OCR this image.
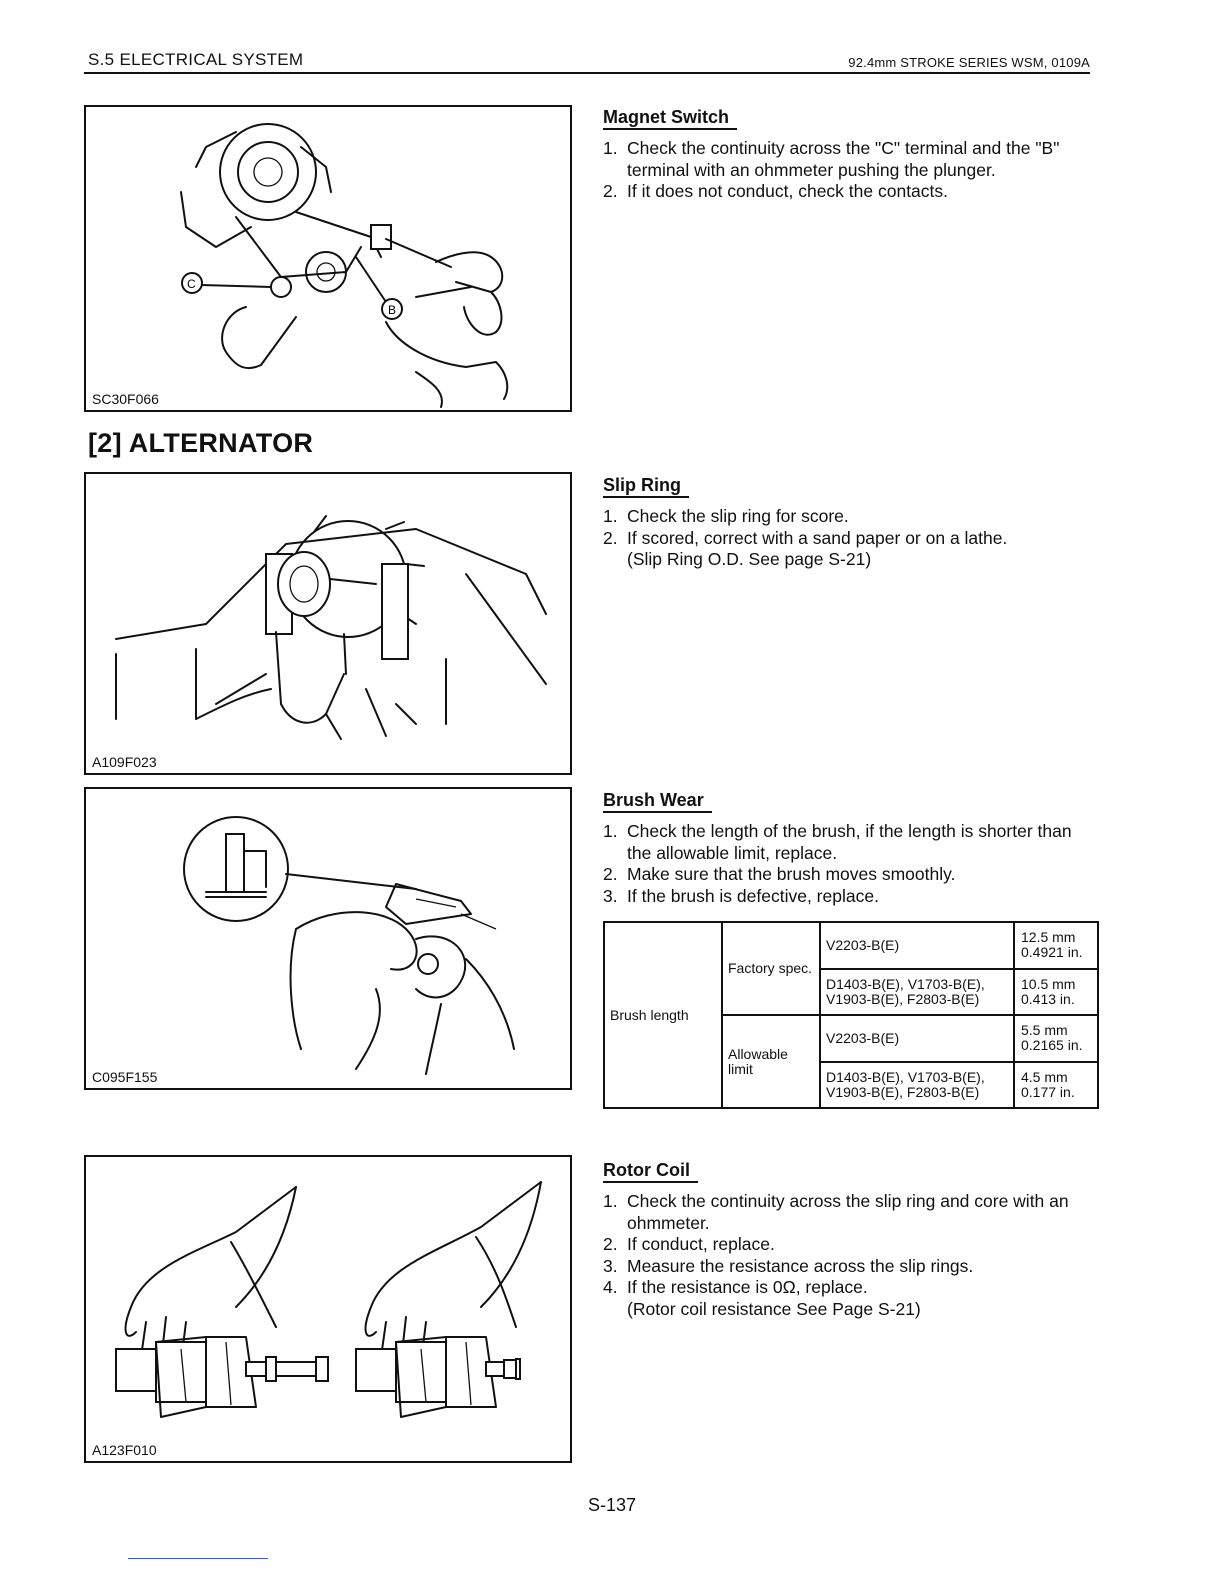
S.5 ELECTRICAL SYSTEM	92.4mm STROKE SERIES WSM, 0109A
C
B
SC30F066
Magnet Switch
1. Check the continuity across the "C" terminal and the "B" terminal with an ohmmeter pushing the plunger.
2. If it does not conduct, check the contacts.
[2] ALTERNATOR
A109F023
Slip Ring
1. Check the slip ring for score.
2. If scored, correct with a sand paper or on a lathe.
(Slip Ring O.D. See page S-21)
C095F155
Brush Wear
1. Check the length of the brush, if the length is shorter than the allowable limit, replace.
2. Make sure that the brush moves smoothly.
3. If the brush is defective, replace.
Brush length	Factory spec.	V2203-B(E)	12.5 mm
0.4921 in.

		D1403-B(E), V1703-B(E), V1903-B(E), F2803-B(E)	10.5 mm
0.413 in.

	Allowable limit	V2203-B(E)	5.5 mm
0.2165 in.

		D1403-B(E), V1703-B(E), V1903-B(E), F2803-B(E)	4.5 mm
0.177 in.
A123F010
Rotor Coil
1. Check the continuity across the slip ring and core with an ohmmeter.
2. If conduct, replace.
3. Measure the resistance across the slip rings.
4. If the resistance is 0Ω, replace.
(Rotor coil resistance See Page S-21)
S-137
